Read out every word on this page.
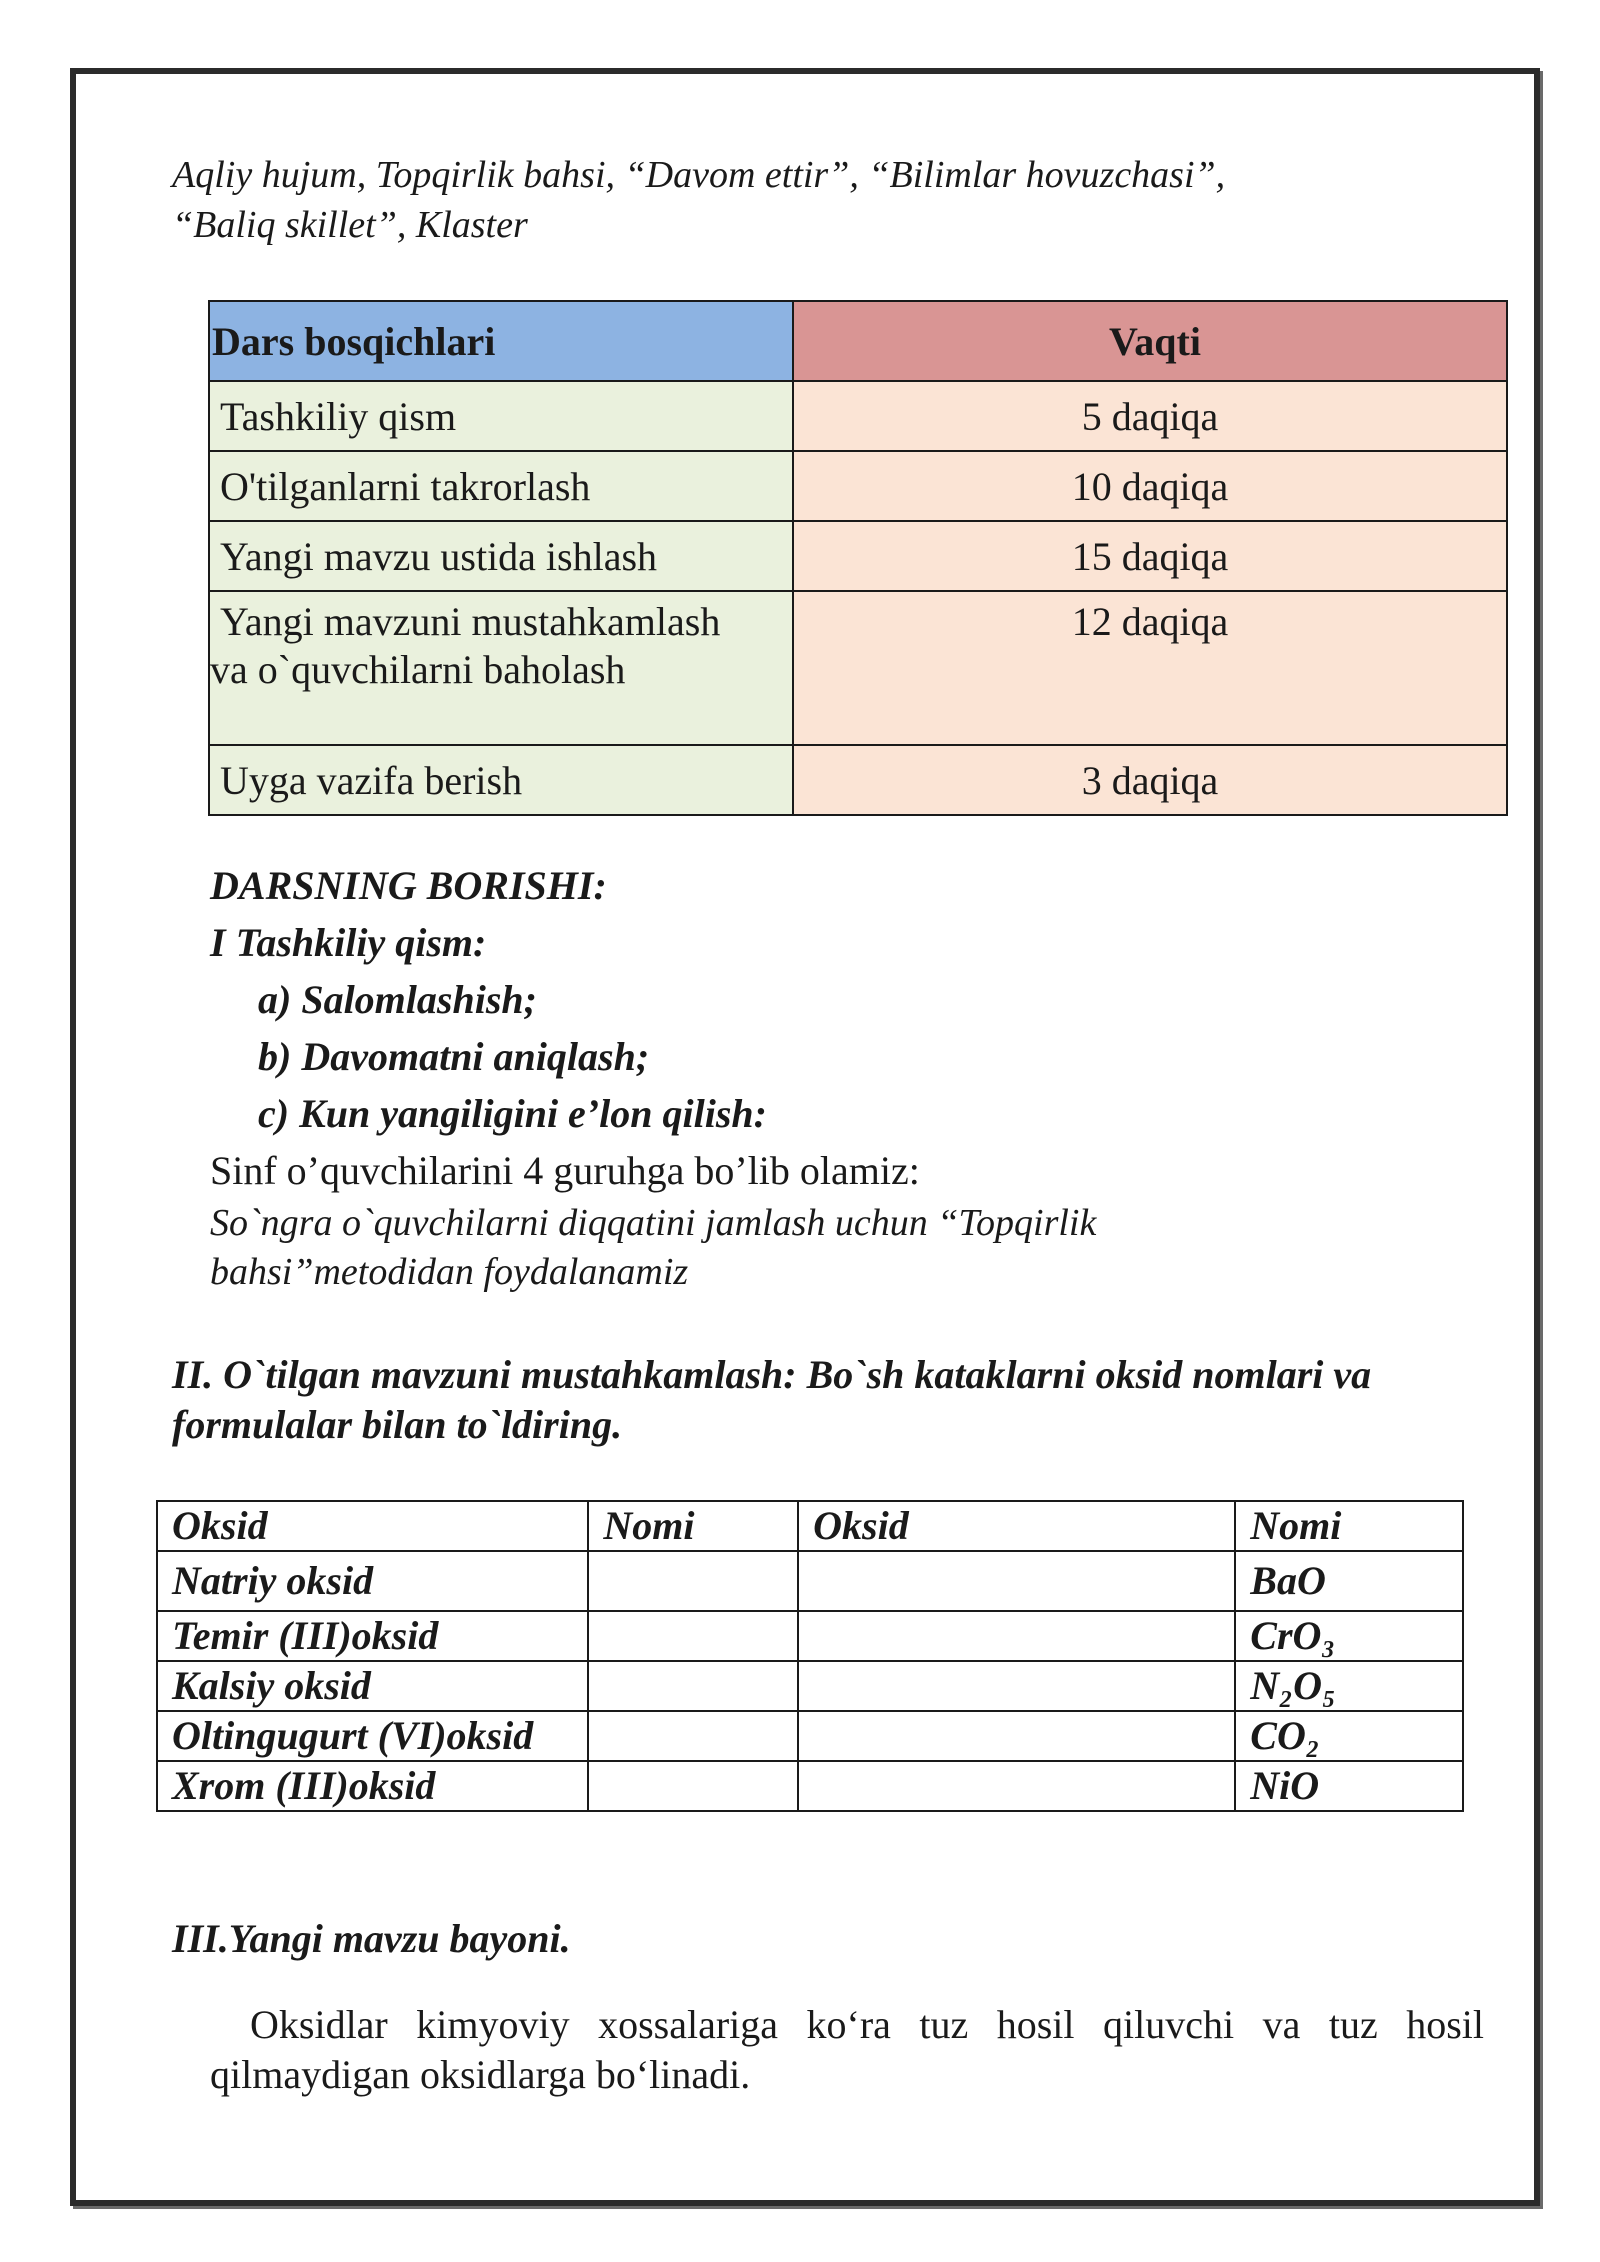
Aqliy hujum, Topqirlik bahsi, “Davom ettir”, “Bilimlar hovuzchasi”,
“Baliq skillet”, Klaster

Dars bosqichlari	Vaqti
Tashkiliy qism	5 daqiqa
O'tilganlarni takrorlash	10 daqiqa
Yangi mavzu ustida ishlash	15 daqiqa
Yangi mavzuni mustahkamlash
va o`quvchilarni baholash	12 daqiqa
Uyga vazifa berish	3 daqiqa
DARSNING BORISHI:
I Tashkiliy qism:
a) Salomlashish;
b) Davomatni aniqlash;
c) Kun yangiligini e’lon qilish:
Sinf o’quvchilarini 4 guruhga bo’lib olamiz:
So`ngra o`quvchilarni diqqatini jamlash uchun “Topqirlik
bahsi”metodidan foydalanamiz

II. O`tilgan mavzuni mustahkamlash: Bo`sh kataklarni oksid nomlari va
formulalar bilan to`ldiring.

Oksid	Nomi	Oksid	Nomi
Natriy oksid			BaO
Temir (III)oksid			CrO₃
Kalsiy oksid			N₂O₅
Oltingugurt (VI)oksid			CO₂
Xrom (III)oksid			NiO
III.Yangi mavzu bayoni.

Oksidlar kimyoviy xossalariga ko‘ra tuz hosil qiluvchi va tuz hosil qilmaydigan oksidlarga bo‘linadi.
